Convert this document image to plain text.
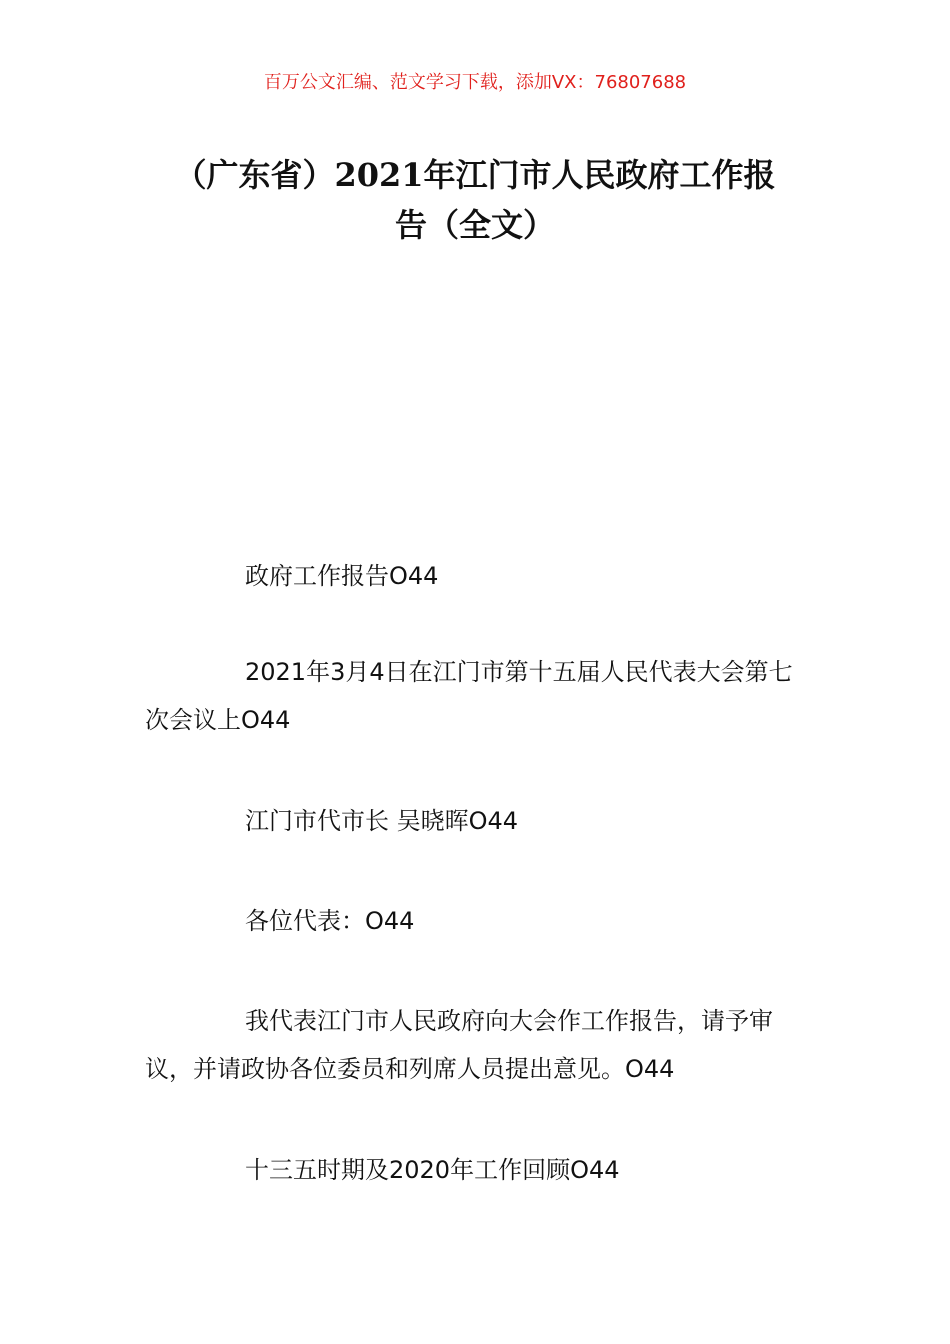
百万公文汇编、范文学习下载，添加VX：76807688
（广东省）2021年江门市人民政府工作报
告（全文）
政府工作报告O44
2021年3月4日在江门市第十五届人民代表大会第七次会议上O44
江门市代市长 吴晓晖O44
各位代表：O44
我代表江门市人民政府向大会作工作报告，请予审议，并请政协各位委员和列席人员提出意见。O44
十三五时期及2020年工作回顾O44
